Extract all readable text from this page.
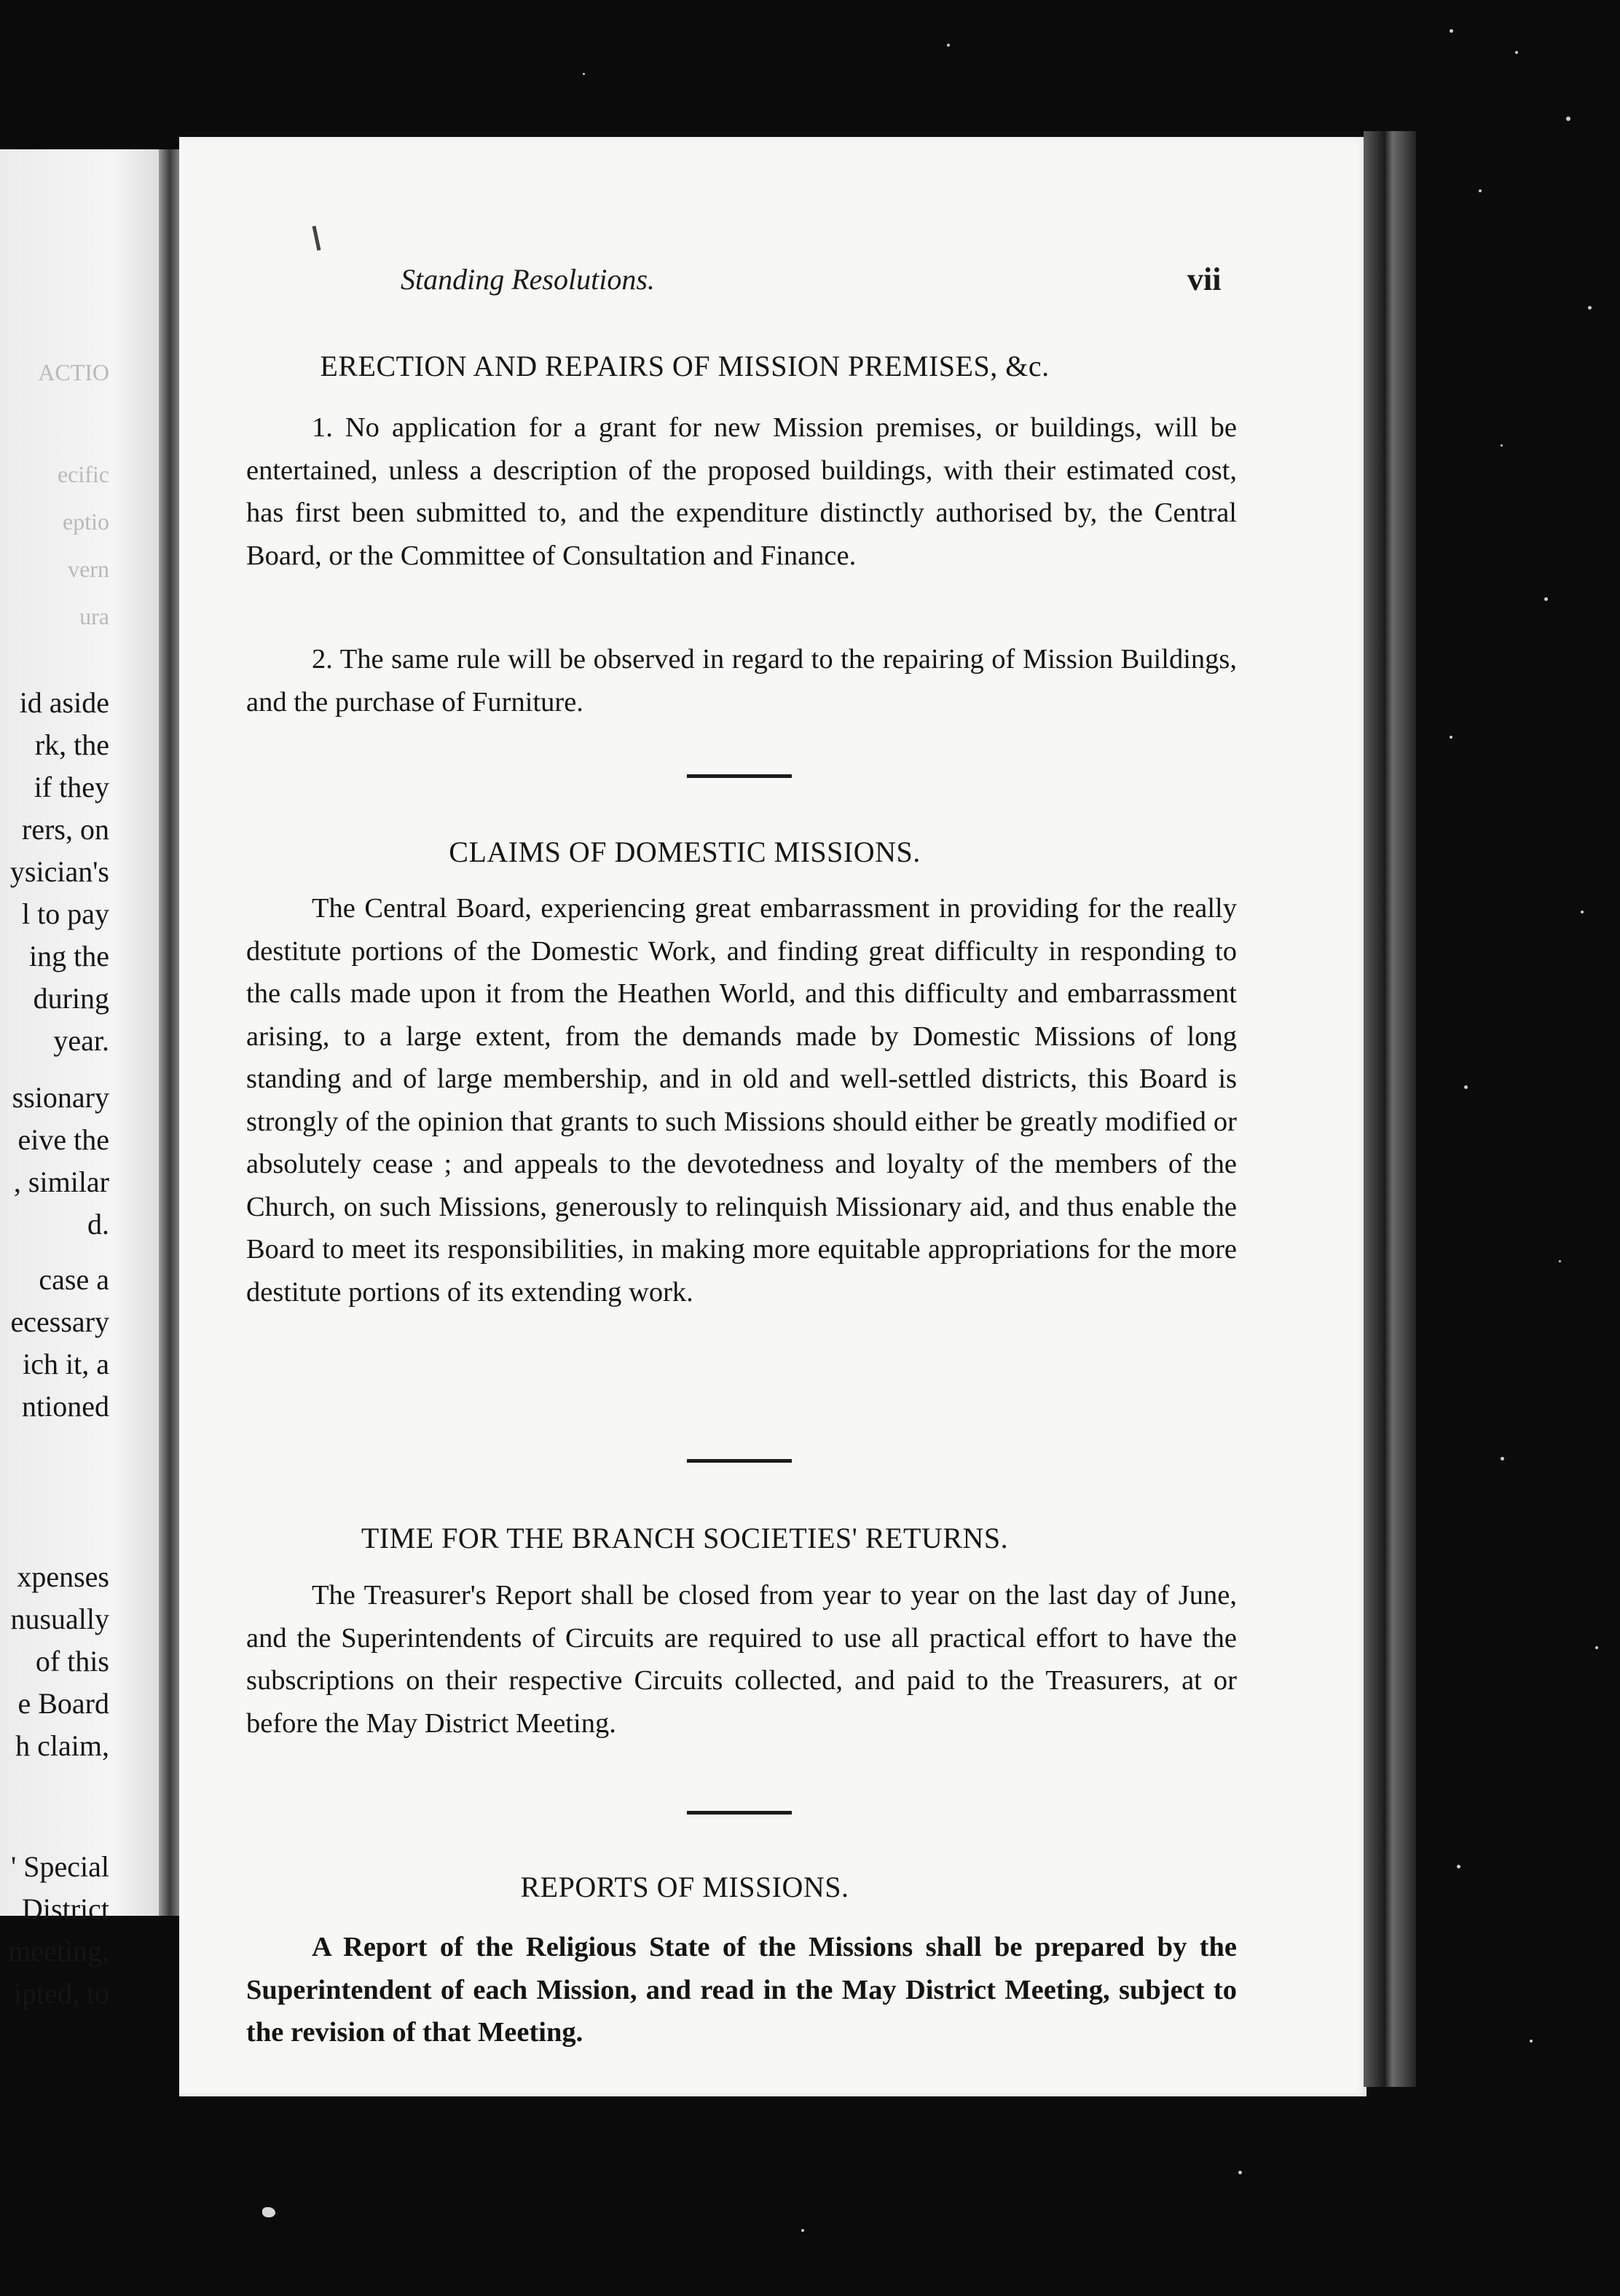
ACTIO
ecific
eptio
vern
ura
id aside
rk, the
if they
rers, on
ysician's
l to pay
ing the
during
year.
ssionary
eive the
, similar
d.
case a
ecessary
ich it, a
ntioned
xpenses
nusually
of this
e Board
h claim,
' Special
District
meeting,
ipted, to
Standing Resolutions.	vii
ERECTION AND REPAIRS OF MISSION PREMISES, &c.

1. No application for a grant for new Mission premises, or buildings, will be entertained, unless a description of the proposed buildings, with their estimated cost, has first been submitted to, and the expenditure distinctly authorised by, the Central Board, or the Committee of Consultation and Finance.

2. The same rule will be observed in regard to the repairing of Mission Buildings, and the purchase of Furniture.

CLAIMS OF DOMESTIC MISSIONS.

The Central Board, experiencing great embarrassment in providing for the really destitute portions of the Domestic Work, and finding great difficulty in responding to the calls made upon it from the Heathen World, and this difficulty and embarrassment arising, to a large extent, from the demands made by Domestic Missions of long standing and of large membership, and in old and well-settled districts, this Board is strongly of the opinion that grants to such Missions should either be greatly modified or absolutely cease ; and appeals to the devotedness and loyalty of the members of the Church, on such Missions, generously to relinquish Missionary aid, and thus enable the Board to meet its responsibilities, in making more equitable appropriations for the more destitute portions of its extending work.

TIME FOR THE BRANCH SOCIETIES' RETURNS.

The Treasurer's Report shall be closed from year to year on the last day of June, and the Superintendents of Circuits are required to use all practical effort to have the subscriptions on their respective Circuits collected, and paid to the Treasurers, at or before the May District Meeting.

REPORTS OF MISSIONS.

A Report of the Religious State of the Missions shall be prepared by the Superintendent of each Mission, and read in the May District Meeting, subject to the revision of that Meeting.
